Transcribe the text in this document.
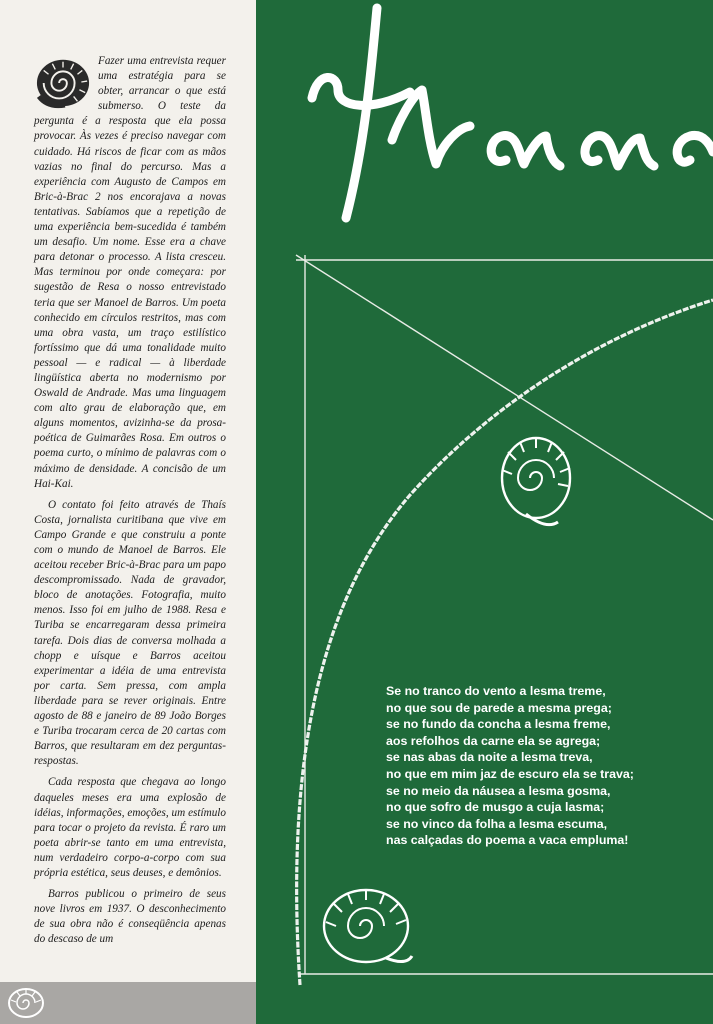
Fazer uma entrevista requer uma estratégia para se obter, arrancar o que está submerso. O teste da pergunta é a resposta que ela possa provocar. Às vezes é preciso navegar com cuidado. Há riscos de ficar com as mãos vazias no final do percurso. Mas a experiência com Augusto de Campos em Bric-à-Brac 2 nos encorajava a novas tentativas. Sabíamos que a repetição de uma experiência bem-sucedida é também um desafio. Um nome. Esse era a chave para detonar o processo. A lista cresceu. Mas terminou por onde começara: por sugestão de Resa o nosso entrevistado teria que ser Manoel de Barros. Um poeta conhecido em círculos restritos, mas com uma obra vasta, um traço estilístico fortíssimo que dá uma tonalidade muito pessoal — e radical — à liberdade lingüística aberta no modernismo por Oswald de Andrade. Mas uma linguagem com alto grau de elaboração que, em alguns momentos, avizinha-se da prosa-poética de Guimarães Rosa. Em outros o poema curto, o mínimo de palavras com o máximo de densidade. A concisão de um Hai-Kai.

O contato foi feito através de Thaís Costa, jornalista curitibana que vive em Campo Grande e que construiu a ponte com o mundo de Manoel de Barros. Ele aceitou receber Bric-à-Brac para um papo descompromissado. Nada de gravador, bloco de anotações. Fotografia, muito menos. Isso foi em julho de 1988. Resa e Turiba se encarregaram dessa primeira tarefa. Dois dias de conversa molhada a chopp e uísque e Barros aceitou experimentar a idéia de uma entrevista por carta. Sem pressa, com ampla liberdade para se rever originais. Entre agosto de 88 e janeiro de 89 João Borges e Turiba trocaram cerca de 20 cartas com Barros, que resultaram em dez perguntas-respostas.

Cada resposta que chegava ao longo daqueles meses era uma explosão de idéias, informações, emoções, um estímulo para tocar o projeto da revista. É raro um poeta abrir-se tanto em uma entrevista, num verdadeiro corpo-a-corpo com sua própria estética, seus deuses, e demônios.

Barros publicou o primeiro de seus nove livros em 1937. O desconhecimento de sua obra não é conseqüência apenas do descaso de um

Se no tranco do vento a lesma treme,
no que sou de parede a mesma prega;
se no fundo da concha a lesma freme,
aos refolhos da carne ela se agrega;
se nas abas da noite a lesma treva,
no que em mim jaz de escuro ela se trava;
se no meio da náusea a lesma gosma,
no que sofro de musgo a cuja lasma;
se no vinco da folha a lesma escuma,
nas calçadas do poema a vaca empluma!
